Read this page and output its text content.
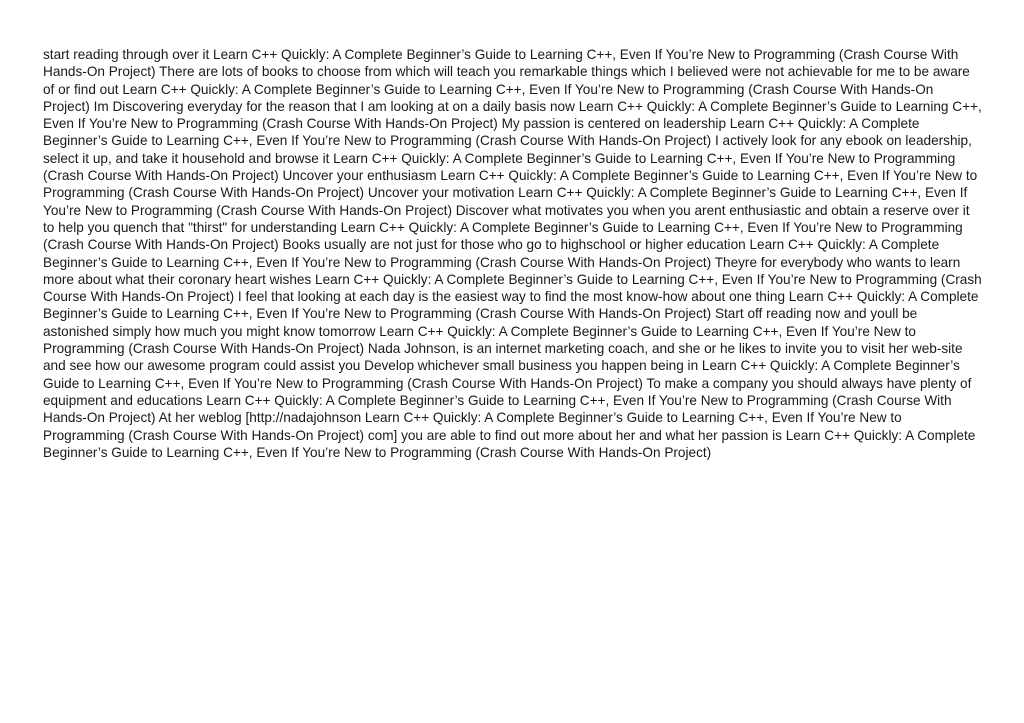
start reading through over it Learn C++ Quickly: A Complete Beginner’s Guide to Learning C++, Even If You’re New to Programming (Crash Course With Hands-On Project) There are lots of books to choose from which will teach you remarkable things which I believed were not achievable for me to be aware of or find out Learn C++ Quickly: A Complete Beginner’s Guide to Learning C++, Even If You’re New to Programming (Crash Course With Hands-On Project) Im Discovering everyday for the reason that I am looking at on a daily basis now Learn C++ Quickly: A Complete Beginner’s Guide to Learning C++, Even If You’re New to Programming (Crash Course With Hands-On Project) My passion is centered on leadership Learn C++ Quickly: A Complete Beginner’s Guide to Learning C++, Even If You’re New to Programming (Crash Course With Hands-On Project) I actively look for any ebook on leadership, select it up, and take it household and browse it Learn C++ Quickly: A Complete Beginner’s Guide to Learning C++, Even If You’re New to Programming (Crash Course With Hands-On Project) Uncover your enthusiasm Learn C++ Quickly: A Complete Beginner’s Guide to Learning C++, Even If You’re New to Programming (Crash Course With Hands-On Project) Uncover your motivation Learn C++ Quickly: A Complete Beginner’s Guide to Learning C++, Even If You’re New to Programming (Crash Course With Hands-On Project) Discover what motivates you when you arent enthusiastic and obtain a reserve over it to help you quench that "thirst" for understanding Learn C++ Quickly: A Complete Beginner’s Guide to Learning C++, Even If You’re New to Programming (Crash Course With Hands-On Project) Books usually are not just for those who go to highschool or higher education Learn C++ Quickly: A Complete Beginner’s Guide to Learning C++, Even If You’re New to Programming (Crash Course With Hands-On Project) Theyre for everybody who wants to learn more about what their coronary heart wishes Learn C++ Quickly: A Complete Beginner’s Guide to Learning C++, Even If You’re New to Programming (Crash Course With Hands-On Project) I feel that looking at each day is the easiest way to find the most know-how about one thing Learn C++ Quickly: A Complete Beginner’s Guide to Learning C++, Even If You’re New to Programming (Crash Course With Hands-On Project) Start off reading now and youll be astonished simply how much you might know tomorrow Learn C++ Quickly: A Complete Beginner’s Guide to Learning C++, Even If You’re New to Programming (Crash Course With Hands-On Project) Nada Johnson, is an internet marketing coach, and she or he likes to invite you to visit her web-site and see how our awesome program could assist you Develop whichever small business you happen being in Learn C++ Quickly: A Complete Beginner’s Guide to Learning C++, Even If You’re New to Programming (Crash Course With Hands-On Project) To make a company you should always have plenty of equipment and educations Learn C++ Quickly: A Complete Beginner’s Guide to Learning C++, Even If You’re New to Programming (Crash Course With Hands-On Project) At her weblog [http://nadajohnson Learn C++ Quickly: A Complete Beginner’s Guide to Learning C++, Even If You’re New to Programming (Crash Course With Hands-On Project) com] you are able to find out more about her and what her passion is Learn C++ Quickly: A Complete Beginner’s Guide to Learning C++, Even If You’re New to Programming (Crash Course With Hands-On Project)
